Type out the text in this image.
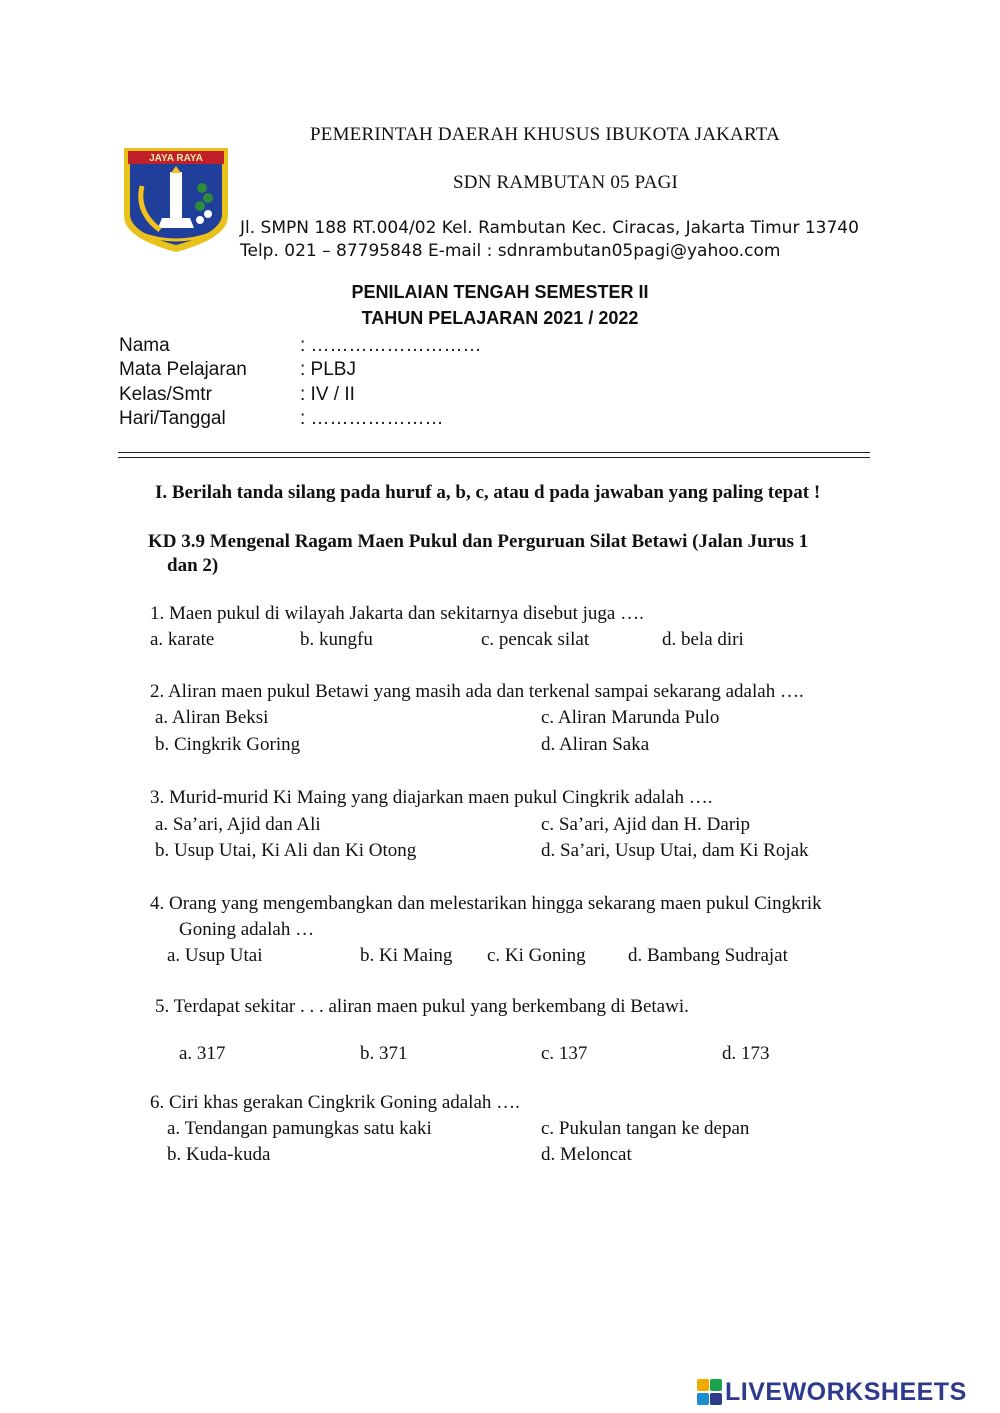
JAYA RAYA
PEMERINTAH DAERAH KHUSUS IBUKOTA JAKARTA
SDN RAMBUTAN 05 PAGI
Jl. SMPN 188 RT.004/02 Kel. Rambutan Kec. Ciracas, Jakarta Timur 13740
Telp. 021 – 87795848 E-mail : sdnrambutan05pagi@yahoo.com
PENILAIAN TENGAH SEMESTER II
TAHUN PELAJARAN 2021 / 2022
Nama	: ………………………
Mata Pelajaran	: PLBJ
Kelas/Smtr	: IV / II
Hari/Tanggal	: …………………
I. Berilah tanda silang pada huruf a, b, c, atau d pada jawaban yang paling tepat !
KD 3.9 Mengenal Ragam Maen Pukul dan Perguruan Silat Betawi (Jalan Jurus 1
dan 2)
1. Maen pukul di wilayah Jakarta dan sekitarnya disebut juga ….
a. karate	b. kungfu	c. pencak silat	d. bela diri
2. Aliran maen pukul Betawi yang masih ada dan terkenal sampai sekarang adalah ….
a. Aliran Beksi	c. Aliran Marunda Pulo
b. Cingkrik Goring	d. Aliran Saka
3. Murid-murid Ki Maing yang diajarkan maen pukul Cingkrik adalah ….
a. Sa’ari, Ajid dan Ali	c. Sa’ari, Ajid dan H. Darip
b. Usup Utai, Ki Ali dan Ki Otong	d. Sa’ari, Usup Utai, dam Ki Rojak
4. Orang yang mengembangkan dan melestarikan hingga sekarang maen pukul Cingkrik
Goning adalah …
a. Usup Utai	b. Ki Maing c. Ki Goning d. Bambang Sudrajat
5. Terdapat sekitar . . . aliran maen pukul yang berkembang di Betawi.
a. 317	b. 371	c. 137	d. 173
6. Ciri khas gerakan Cingkrik Goning adalah ….
a. Tendangan pamungkas satu kaki	c. Pukulan tangan ke depan
b. Kuda-kuda	d. Meloncat
LIVEWORKSHEETS
